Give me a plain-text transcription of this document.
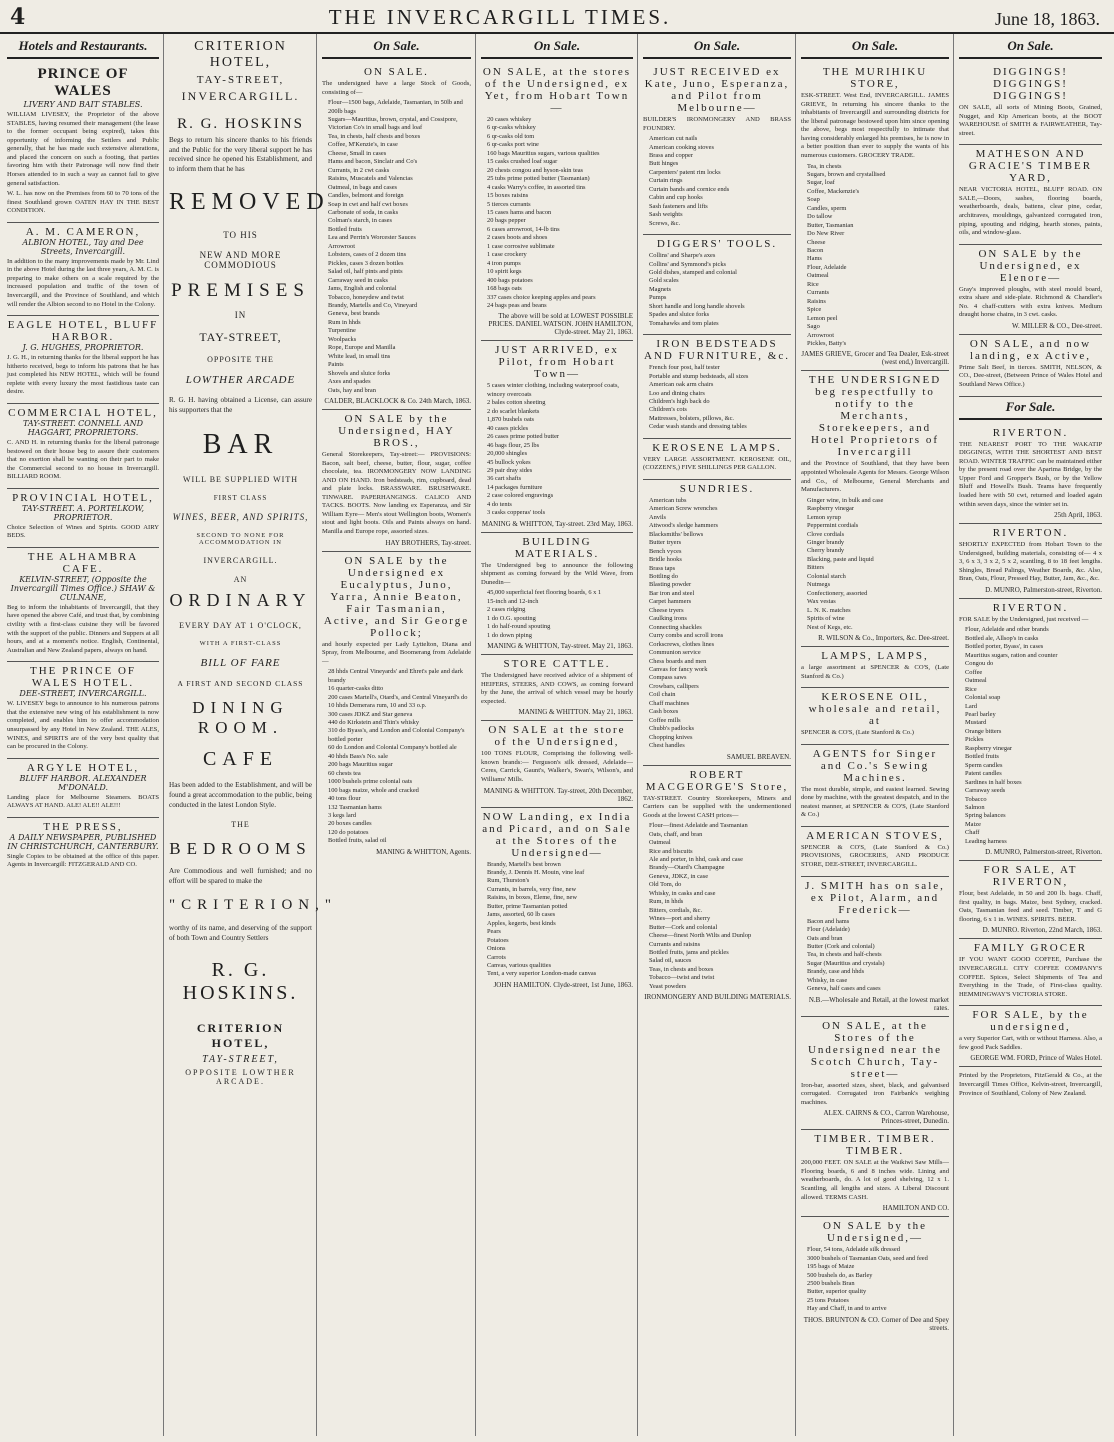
4	THE INVERCARGILL TIMES.	June 18, 1863.
Hotels and Restaurants.
PRINCE OF WALES
LIVERY AND BAIT STABLES.
WILLIAM LIVESEY, the Proprietor of the above STABLES, having resumed their management (the lease to the former occupant being expired), takes this opportunity of informing the Settlers and Public generally, that he has made such extensive alterations, and placed the concern on such a footing, that parties favoring him with their Patronage will now find their Horses attended to in such a way as cannot fail to give general satisfaction.
W. L. has now on the Premises from 60 to 70 tons of the finest Southland grown OATEN HAY IN THE BEST CONDITION.
A. M. CAMERON,
ALBION HOTEL, Tay and Dee Streets, Invercargill.
In addition to the many improvements made by Mr. Lind in the above Hotel during the last three years, A. M. C. is preparing to make others on a scale required by the increased population and traffic of the town of Invercargill, and the Province of Southland, and which will render the Albion second to no Hotel in the Colony.
EAGLE HOTEL, BLUFF HARBOR.
J. G. HUGHES, PROPRIETOR.
J. G. H., in returning thanks for the liberal support he has hitherto received, begs to inform his patrons that he has just completed his NEW HOTEL, which will be found replete with every luxury the most fastidious taste can desire.
COMMERCIAL HOTEL,
TAY-STREET. CONNELL AND HAGGART, PROPRIETORS.
C. AND H. in returning thanks for the liberal patronage bestowed on their house beg to assure their customers that no exertion shall be wanting on their part to make the Commercial second to no house in Invercargill. BILLIARD ROOM.
PROVINCIAL HOTEL,
TAY-STREET. A. PORTELKOW, PROPRIETOR.
Choice Selection of Wines and Spirits. GOOD AIRY BEDS.
THE ALHAMBRA CAFE.
KELVIN-STREET, (Opposite the Invercargill Times Office.) SHAW & CULNANE,
Beg to inform the inhabitants of Invercargill, that they have opened the above Café, and trust that, by combining civility with a first-class cuisine they will be favored with the support of the public. Dinners and Suppers at all hours, and at a moment's notice. English, Continental, Australian and New Zealand papers, always on hand.
THE PRINCE OF WALES HOTEL.
DEE-STREET, INVERCARGILL.
W. LIVESEY begs to announce to his numerous patrons that the extensive new wing of his establishment is now completed, and enables him to offer accommodation unsurpassed by any Hotel in New Zealand. THE ALES, WINES, and SPIRITS are of the very best quality that can be procured in the Colony.
ARGYLE HOTEL,
BLUFF HARBOR. ALEXANDER M'DONALD.
Landing place for Melbourne Steamers. BOATS ALWAYS AT HAND. ALE! ALE!! ALE!!!
THE PRESS,
A DAILY NEWSPAPER, PUBLISHED IN CHRISTCHURCH, CANTERBURY.
Single Copies to be obtained at the office of this paper. Agents in Invercargill: FITZGERALD AND CO.
CRITERION HOTEL,
TAY-STREET,
INVERCARGILL.
R. G. HOSKINS
Begs to return his sincere thanks to his friends and the Public for the very liberal support he has received since he opened his Establishment, and to inform them that he has
REMOVED
TO HIS
NEW AND MORE COMMODIOUS
PREMISES
IN
TAY-STREET,
OPPOSITE THE
LOWTHER ARCADE
R. G. H. having obtained a License, can assure his supporters that the
BAR
WILL BE SUPPLIED WITH
FIRST CLASS
WINES, BEER, AND SPIRITS,
SECOND TO NONE FOR ACCOMMODATION IN
INVERCARGILL.
AN
ORDINARY
EVERY DAY AT 1 O'CLOCK,
WITH A FIRST-CLASS
BILL OF FARE
A FIRST AND SECOND CLASS
DINING ROOM.
CAFE
Has been added to the Establishment, and will be found a great accommodation to the public, being conducted in the latest London Style.
THE
BEDROOMS
Are Commodious and well furnished; and no effort will be spared to make the
"CRITERION,"
worthy of its name, and deserving of the support of both Town and Country Settlers
R. G. HOSKINS.
CRITERION HOTEL,
TAY-STREET,
OPPOSITE LOWTHER ARCADE.
On Sale.
ON SALE.
The undersigned have a large Stock of Goods, consisting of—
Flour—1500 bags, Adelaide, Tasmanian, in 50lb and 200lb bags
Sugars—Mauritius, brown, crystal, and Cossipore, Victorian Co's in small bags and loaf
Tea, in chests, half chests and boxes
Coffee, M'Kenzie's, in case
Cheese, Small in cases
Hams and bacon, Sinclair and Co's
Currants, in 2 cwt casks
Raisins, Muscatels and Valencias
Oatmeal, in bags and cases
Candles, belmont and foreign
Soap in cwt and half cwt boxes
Carbonate of soda, in casks
Colman's starch, in cases
Bottled fruits
Lea and Perrin's Worcester Sauces
Arrowroot
Lobsters, cases of 2 dozen tins
Pickles, cases 3 dozen bottles
Salad oil, half pints and pints
Carraway seed in casks
Jams, English and colonial
Tobacco, honeydew and twist
Brandy, Martells and Co, Vineyard
Geneva, best brands
Rum in hhds
Turpentine
Woolpacks
Rope, Europe and Manilla
White lead, in small tins
Paints
Shovels and sluice forks
Axes and spades
Oats, hay and bran
CALDER, BLACKLOCK & Co. 24th March, 1863.
ON SALE by the Undersigned, HAY BROS.,
General Storekeepers, Tay-street:— PROVISIONS: Bacon, salt beef, cheese, butter, flour, sugar, coffee chocolate, tea. IRONMONGERY NOW LANDING AND ON HAND. Iron bedsteads, rim, cupboard, dead and plate locks. BRASSWARE. BRUSHWARE. TINWARE. PAPERHANGINGS. CALICO AND TACKS. BOOTS. Now landing ex Esperanza, and Sir William Eyre— Men's stout Wellington boots, Women's stout and light boots. Oils and Paints always on hand. Manilla and Europe rope, assorted sizes.
HAY BROTHERS, Tay-street.
ON SALE by the Undersigned ex Eucalyptus, Juno, Yarra, Annie Beaton, Fair Tasmanian, Active, and Sir George Pollock;
and hourly expected per Lady Lyttelton, Diana and Spray, from Melbourne, and Boomerang from Adelaide—
28 hhds Central Vineyards' and Ehret's pale and dark brandy
16 quarter-casks ditto
200 cases Martell's, Otard's, and Central Vineyard's do
10 hhds Demerara rum, 10 and 33 o.p.
300 cases JDKZ and Star geneva
440 do Kirkstein and Thin's whisky
310 do Byass's, and London and Colonial Company's bottled porter
60 do London and Colonial Company's bottled ale
40 hhds Bass's No. sale
200 bags Mauritius sugar
60 chests tea
1000 bushels prime colonial oats
100 bags maize, whole and cracked
40 tons flour
132 Tasmanian hams
3 kegs lard
20 boxes candles
120 do potatoes
Bottled fruits, salad oil
MANING & WHITTON, Agents.
On Sale.
ON SALE, at the stores of the Undersigned, ex Yet, from Hobart Town—
20 cases whiskey
6 qr-casks whiskey
6 qr-casks old tom
6 qr-casks port wine
160 bags Mauritius sugars, various qualities
15 casks crushed loaf sugar
20 chests congou and hyson-skin teas
25 tubs prime potted butter (Tasmanian)
4 casks Warry's coffee, in assorted tins
15 boxes raisins
5 tierces currants
15 cases hams and bacon
20 bags pepper
6 cases arrowroot, 14-lb tins
2 cases boots and shoes
1 case corrosive sublimate
1 case crockery
4 iron pumps
10 spirit kegs
400 bags potatoes
168 bags oats
337 cases choice keeping apples and pears
24 bags peas and beans
The above will be sold at LOWEST POSSIBLE PRICES. DANIEL WATSON. JOHN HAMILTON, Clyde-street. May 21, 1863.
JUST ARRIVED, ex Pilot, from Hobart Town—
5 cases winter clothing, including waterproof coats, wincey overcoats
2 bales cotton sheeting
2 do scarlet blankets
1,870 bushels oats
40 cases pickles
26 cases prime potted butter
46 bags flour, 25 lbs
20,000 shingles
45 bullock yokes
29 pair dray sides
36 cart shafts
14 packages furniture
2 case colored engravings
4 do tents
3 casks copperas' tools
MANING & WHITTON, Tay-street. 23rd May, 1863.
BUILDING MATERIALS.
The Undersigned beg to announce the following shipment as coming forward by the Wild Wave, from Dunedin—
45,000 superficial feet flooring boards, 6 x 1
15-inch and 12-inch
2 cases ridging
1 do O.G. spouting
1 do half-round spouting
1 do down piping
MANING & WHITTON, Tay-street. May 21, 1863.
STORE CATTLE.
The Undersigned have received advice of a shipment of HEIFERS, STEERS, AND COWS, as coming forward by the June, the arrival of which vessel may be hourly expected.
MANING & WHITTON. May 21, 1863.
ON SALE at the store of the Undersigned,
100 TONS FLOUR, Comprising the following well-known brands:— Ferguson's silk dressed, Adelaide—Ceres, Carrick, Gaunt's, Walker's, Swan's, Wilson's, and Williams' Mills.
MANING & WHITTON. Tay-street, 20th December, 1862.
NOW Landing, ex India and Picard, and on Sale at the Stores of the Undersigned—
Brandy, Martell's best brown
Brandy, J. Dennis H. Mouin, vine leaf
Rum, Thurston's
Currants, in barrels, very fine, new
Raisins, in boxes, Eleme, fine, new
Butter, prime Tasmanian potted
Jams, assorted, 60 lb cases
Apples, kegerts, best kinds
Pears
Potatoes
Onions
Carrots
Canvas, various qualities
Tent, a very superior London-made canvas
JOHN HAMILTON. Clyde-street, 1st June, 1863.
On Sale.
JUST RECEIVED ex Kate, Juno, Esperanza, and Pilot from Melbourne—
BUILDER'S IRONMONGERY AND BRASS FOUNDRY.
American cut nails
American cooking stoves
Brass and copper
Butt hinges
Carpenters' patent rim locks
Curtain rings
Curtain bands and cornice ends
Cabin and cup hooks
Sash fasteners and lifts
Sash weights
Screws, &c.
DIGGERS' TOOLS.
Collins' and Sharpe's axes
Collins' and Symmond's picks
Gold dishes, stamped and colonial
Gold scales
Magnets
Pumps
Short handle and long handle shovels
Spades and sluice forks
Tomahawks and tom plates
IRON BEDSTEADS AND FURNITURE, &c.
French four post, half tester
Portable and stump bedsteads, all sizes
American oak arm chairs
Loo and dining chairs
Children's high back do
Children's cots
Mattresses, bolsters, pillows, &c.
Cedar wash stands and dressing tables
KEROSENE LAMPS.
VERY LARGE ASSORTMENT. KEROSENE OIL, (COZZEN'S,) FIVE SHILLINGS PER GALLON.
SUNDRIES.
American tubs
American Screw wrenches
Anvils
Attwood's sledge hammers
Blacksmiths' bellows
Butter tryers
Bench vyces
Bridle hooks
Brass taps
Bottling do
Blasting powder
Bar iron and steel
Carpet hammers
Cheese tryers
Caulking irons
Connecting shackles
Curry combs and scroll irons
Corkscrews, clothes lines
Communion service
Chess boards and men
Canvas for fancy work
Compass saws
Crowbars, callipers
Coil chain
Chaff machines
Cash boxes
Coffee mills
Chubb's padlocks
Chopping knives
Chest handles
SAMUEL BREAVEN.
ROBERT MACGEORGE'S Store,
TAY-STREET. Country Storekeepers, Miners and Carriers can be supplied with the undermentioned Goods at the lowest CASH prices—
Flour—finest Adelaide and Tasmanian
Oats, chaff, and bran
Oatmeal
Rice and biscuits
Ale and porter, in hhd, cask and case
Brandy—Otard's Champagne
Geneva, JDKZ, in case
Old Tom, do
Whisky, in casks and case
Rum, in hhds
Bitters, cordials, &c.
Wines—port and sherry
Butter—Cork and colonial
Cheese—finest North Wilts and Dunlop
Currants and raisins
Bottled fruits, jams and pickles
Salad oil, sauces
Teas, in chests and boxes
Tobacco—twist and twist
Yeast powders
IRONMONGERY AND BUILDING MATERIALS.
On Sale.
THE MURIHIKU STORE,
ESK-STREET. West End, INVERCARGILL. JAMES GRIEVE, In returning his sincere thanks to the inhabitants of Invercargill and surrounding districts for the liberal patronage bestowed upon him since opening the above, begs most respectfully to intimate that having considerably enlarged his premises, he is now in a better position than ever to supply the wants of his numerous customers. GROCERY TRADE.
Tea, in chests
Sugars, brown and crystallised
Sugar, loaf
Coffee, Mackenzie's
Soap
Candles, sperm
Do tallow
Butter, Tasmanian
Do New River
Cheese
Bacon
Hams
Flour, Adelaide
Oatmeal
Rice
Currants
Raisins
Spice
Lemon peel
Sago
Arrowroot
Pickles, Batty's
JAMES GRIEVE, Grocer and Tea Dealer, Esk-street (west end,) Invercargill.
THE UNDERSIGNED beg respectfully to notify to the Merchants, Storekeepers, and Hotel Proprietors of Invercargill
and the Province of Southland, that they have been appointed Wholesale Agents for Messrs. George Wilson and Co., of Melbourne, General Merchants and Manufacturers.
Ginger wine, in bulk and case
Raspberry vinegar
Lemon syrup
Peppermint cordials
Clove cordials
Ginger brandy
Cherry brandy
Blacking, paste and liquid
Bitters
Colonial starch
Nutmegs
Confectionery, assorted
Wax vestas
L. N. K. matches
Spirits of wine
Nest of Kegs, etc.
R. WILSON & Co., Importers, &c. Dee-street.
LAMPS, LAMPS,
a large assortment at SPENCER & CO'S, (Late Stanford & Co.)
KEROSENE OIL, wholesale and retail, at
SPENCER & CO'S, (Late Stanford & Co.)
AGENTS for Singer and Co.'s Sewing Machines.
The most durable, simple, and easiest learned. Sewing done by machine, with the greatest despatch, and in the neatest manner, at SPENCER & CO'S, (Late Stanford & Co.)
AMERICAN STOVES,
SPENCER & CO'S, (Late Stanford & Co.) PROVISIONS, GROCERIES, AND PRODUCE STORE, DEE-STREET, INVERCARGILL.
J. SMITH has on sale, ex Pilot, Alarm, and Frederick—
Bacon and hams
Flour (Adelaide)
Oats and bran
Butter (Cork and colonial)
Tea, in chests and half-chests
Sugar (Mauritius and crystals)
Brandy, case and hhds
Whisky, in case
Geneva, half cases and cases
N.B.—Wholesale and Retail, at the lowest market rates.
ON SALE, at the Stores of the Undersigned near the Scotch Church, Tay-street—
Iron-bar, assorted sizes, sheet, black, and galvanised corrugated. Corrugated iron Fairbank's weighing machines.
ALEX. CAIRNS & CO., Carron Warehouse, Princes-street, Dunedin.
TIMBER. TIMBER. TIMBER.
200,000 FEET. ON SALE at the Waikiwi Saw Mills— Flooring boards, 6 and 8 inches wide. Lining and weatherboards, do. A lot of good shelving, 12 x 1. Scantling, all lengths and sizes. A Liberal Discount allowed. TERMS CASH.
HAMILTON AND CO.
ON SALE by the Undersigned,—
Flour, 54 tons, Adelaide silk dressed
3000 bushels of Tasmanian Oats, seed and feed
195 bags of Maize
500 bushels do, as Barley
2500 bushels Bran
Butter, superior quality
25 tons Potatoes
Hay and Chaff, in and to arrive
THOS. BRUNTON & CO. Corner of Dee and Spey streets.
On Sale.
DIGGINGS! DIGGINGS! DIGGINGS!
ON SALE, all sorts of Mining Boots, Grained, Nugget, and Kip American boots, at the BOOT WAREHOUSE of SMITH & FAIRWEATHER, Tay-street.
MATHESON AND GRACIE'S TIMBER YARD,
NEAR VICTORIA HOTEL, BLUFF ROAD. ON SALE,—Doors, sashes, flooring boards, weatherboards, deals, battens, clear pine, cedar, architraves, mouldings, galvanized corrugated iron, piping, spouting and ridging, hearth stones, paints, oils, and window-glass.
ON SALE by the Undersigned, ex Elenore—
Gray's improved ploughs, with steel mould board, extra share and side-plate. Richmond & Chandler's No. 4 chaff-cutters with extra knives. Medium draught horse chains, in 3 cwt. casks.
W. MILLER & CO., Dee-street.
ON SALE, and now landing, ex Active,
Prime Salt Beef, in tierces. SMITH, NELSON, & CO., Dee-street, (Between Prince of Wales Hotel and Southland News Office.)
For Sale.
RIVERTON.
THE NEAREST PORT TO THE WAKATIP DIGGINGS, WITH THE SHORTEST AND BEST ROAD. WINTER TRAFFIC can be maintained either by the present road over the Aparima Bridge, by the Upper Ford and Gropper's Bush, or by the Yellow Bluff and Howell's Bush. Teams have frequently loaded here with 50 cwt, returned and loaded again within seven days, since the winter set in.
25th April, 1863.
RIVERTON.
SHORTLY EXPECTED from Hobart Town to the Undersigned, building materials, consisting of— 4 x 3, 6 x 3, 3 x 2, 5 x 2, scantling, 8 to 18 feet lengths. Shingles, Bread Palings, Weather Boards, &c. Also, Bran, Oats, Flour, Pressed Hay, Butter, Jam, &c., &c.
D. MUNRO, Palmerston-street, Riverton.
RIVERTON.
FOR SALE by the Undersigned, just received —
Flour, Adelaide and other brands
Bottled ale, Allsop's in casks
Bottled porter, Byass', in cases
Mauritius sugars, ration and counter
Congou do
Coffee
Oatmeal
Rice
Colonial soap
Lard
Pearl barley
Mustard
Orange bitters
Pickles
Raspberry vinegar
Bottled fruits
Sperm candles
Patent candles
Sardines in half boxes
Carraway seeds
Tobacco
Salmon
Spring balances
Maize
Chaff
Leading harness
D. MUNRO, Palmerston-street, Riverton.
FOR SALE, AT RIVERTON,
Flour, best Adelaide, in 50 and 200 lb. bags. Chaff, first quality, in bags. Maize, best Sydney, cracked. Oats, Tasmanian feed and seed. Timber, T and G flooring, 6 x 1 in. WINES. SPIRITS. BEER.
D. MUNRO. Riverton, 22nd March, 1863.
FAMILY GROCER
IF YOU WANT GOOD COFFEE, Purchase the INVERCARGILL CITY COFFEE COMPANY'S COFFEE. Spices, Select Shipments of Tea and Everything in the Trade, of First-class quality. HEMMINGWAY'S VICTORIA STORE.
FOR SALE, by the undersigned,
a very Superior Cart, with or without Harness. Also, a few good Pack Saddles.
GEORGE WM. FORD, Prince of Wales Hotel.
Printed by the Proprietors, FitzGerald & Co., at the Invercargill Times Office, Kelvin-street, Invercargill, Province of Southland, Colony of New Zealand.
